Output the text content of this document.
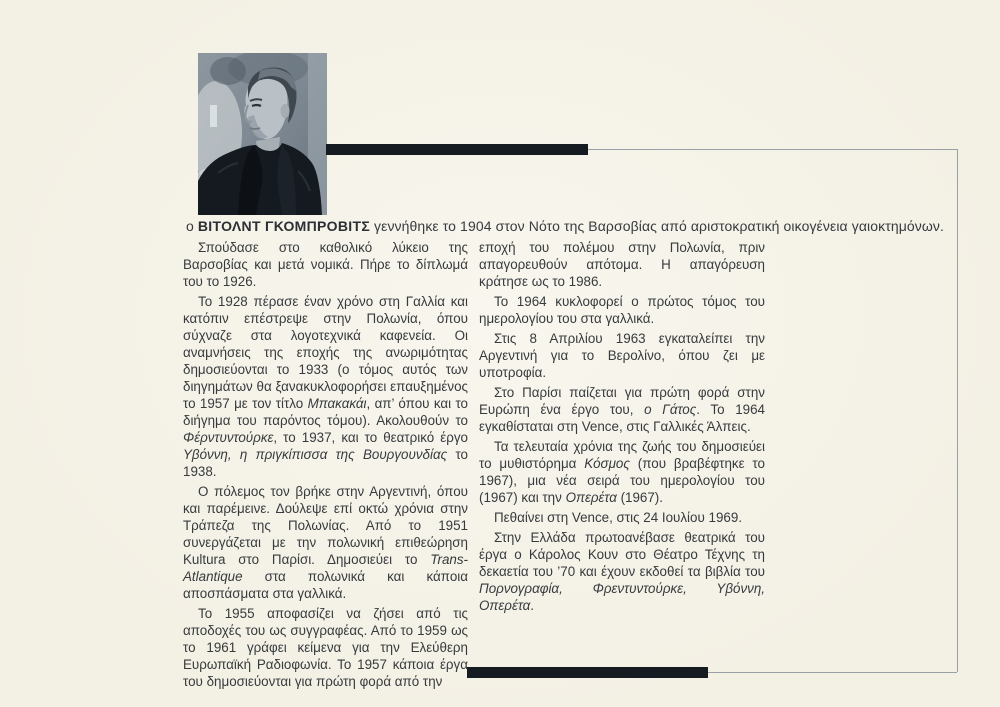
ο ΒΙΤΟΛΝΤ ΓΚΟΜΠΡΟΒΙΤΣ γεννήθηκε το 1904 στον Νότο της Βαρσοβίας από αριστοκρατική οικογένεια γαιοκτημόνων.

Σπούδασε στο καθολικό λύκειο της Βαρσοβίας και μετά νομικά. Πήρε το δίπλωμά του το 1926.

Το 1928 πέρασε έναν χρόνο στη Γαλλία και κατόπιν επέστρεψε στην Πολωνία, όπου σύχναζε στα λογοτεχνικά καφενεία. Οι αναμνήσεις της εποχής της ανωριμότητας δημοσιεύονται το 1933 (ο τόμος αυτός των διηγημάτων θα ξανακυκλοφορήσει επαυξημένος το 1957 με τον τίτλο Μπακακάι, απ’ όπου και το διήγημα του παρόντος τόμου). Ακολουθούν το Φέρντυντούρκε, το 1937, και το θεατρικό έργο Υβόννη, η πριγκίπισσα της Βουργουνδίας το 1938.

Ο πόλεμος τον βρήκε στην Αργεντινή, όπου και παρέμεινε. Δούλεψε επί οκτώ χρόνια στην Τράπεζα της Πολωνίας. Από το 1951 συνεργάζεται με την πολωνική επιθεώρηση Kultura στο Παρίσι. Δημοσιεύει το Trans-Atlantique στα πολωνικά και κάποια αποσπάσματα στα γαλλικά.

Το 1955 αποφασίζει να ζήσει από τις αποδοχές του ως συγγραφέας. Από το 1959 ως το 1961 γράφει κείμενα για την Ελεύθερη Ευρωπαϊκή Ραδιοφωνία. Το 1957 κάποια έργα του δημοσιεύονται για πρώτη φορά από την

εποχή του πολέμου στην Πολωνία, πριν απαγορευθούν απότομα. Η απαγόρευση κράτησε ως το 1986.

Το 1964 κυκλοφορεί ο πρώτος τόμος του ημερολογίου του στα γαλλικά.

Στις 8 Απριλίου 1963 εγκαταλείπει την Αργεντινή για το Βερολίνο, όπου ζει με υποτροφία.

Στο Παρίσι παίζεται για πρώτη φορά στην Ευρώπη ένα έργο του, ο Γάτος. Το 1964 εγκαθίσταται στη Vence, στις Γαλλικές Άλπεις.

Τα τελευταία χρόνια της ζωής του δημοσιεύει το μυθιστόρημα Κόσμος (που βραβέφτηκε το 1967), μια νέα σειρά του ημερολογίου του (1967) και την Οπερέτα (1967).

Πεθαίνει στη Vence, στις 24 Ιουλίου 1969.

Στην Ελλάδα πρωτοανέβασε θεατρικά του έργα ο Κάρολος Κουν στο Θέατρο Τέχνης τη δεκαετία του ’70 και έχουν εκδοθεί τα βιβλία του Πορνογραφία, Φρεντυντούρκε, Υβόννη, Οπερέτα.
